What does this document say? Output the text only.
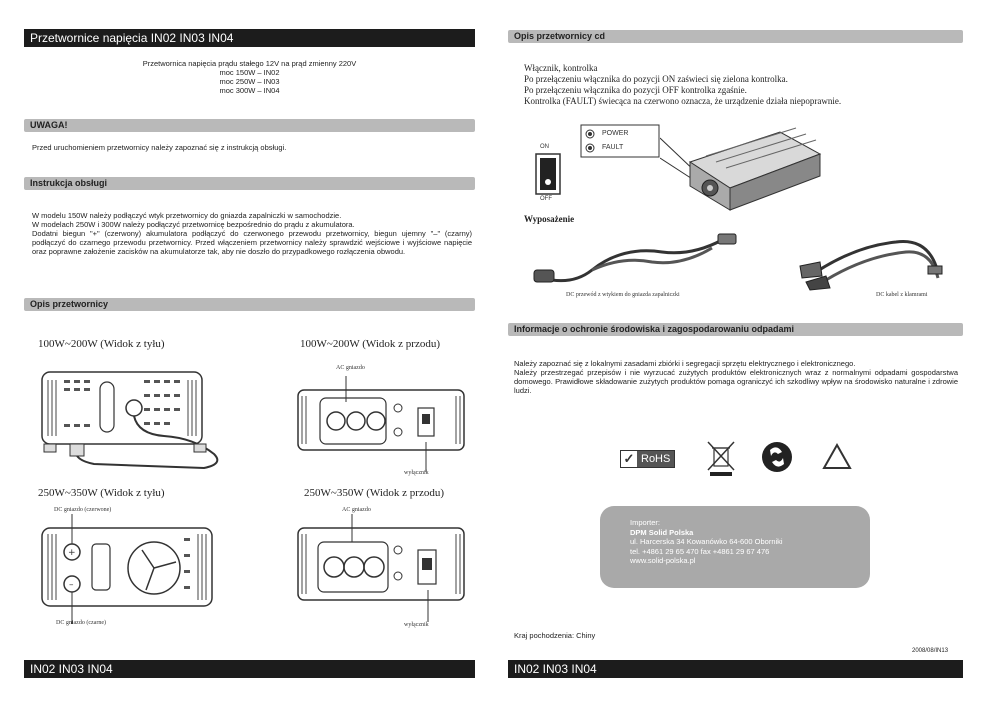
Przetwornice napięcia IN02 IN03 IN04
Przetwornica napięcia prądu stałego 12V na prąd zmienny 220V
moc 150W – IN02
moc 250W – IN03
moc 300W – IN04
UWAGA!
Przed uruchomieniem przetwornicy należy zapoznać się z instrukcją obsługi.
Instrukcja obsługi
W modelu 150W należy podłączyć wtyk przetwornicy do gniazda zapalniczki w samochodzie.
W modelach 250W i 300W należy podłączyć przetwornicę bezpośrednio do prądu z akumulatora.
Dodatni biegun "+" (czerwony) akumulatora podłączyć do czerwonego przewodu przetwornicy, biegun ujemny "–" (czarny) podłączyć do czarnego przewodu przetwornicy. Przed włączeniem przetwornicy należy sprawdzić wejściowe i wyjściowe napięcie oraz poprawne założenie zacisków na akumulatorze tak, aby nie doszło do przypadkowego rozłączenia obwodu.
Opis przetwornicy
100W~200W (Widok z tyłu)	100W~200W (Widok z przodu)
AC gniazdo
wyłącznik
250W~350W (Widok z tyłu)	250W~350W (Widok z przodu)
DC gniazdo (czerwone)
+
–
DC gniazdo (czarne)
AC gniazdo
wyłącznik
IN02 IN03 IN04
Opis przetwornicy cd
Włącznik, kontrolka
Po przełączeniu włącznika do pozycji ON zaświeci się zielona kontrolka.
Po przełączeniu włącznika do pozycji OFF kontrolka zgaśnie.
Kontrolka (FAULT) świecąca na czerwono oznacza, że urządzenie działa niepoprawnie.
ON
OFF
POWER
FAULT
Wyposażenie
DC przewód z wtykiem do gniazda zapalniczki	DC kabel z klamrami
Informacje o ochronie środowiska i zagospodarowaniu odpadami
Należy zapoznać się z lokalnymi zasadami zbiórki i segregacji sprzętu elektrycznego i elektronicznego.
Należy przestrzegać przepisów i nie wyrzucać zużytych produktów elektronicznych wraz z normalnymi odpadami gospodarstwa domowego. Prawidłowe składowanie zużytych produktów pomaga ograniczyć ich szkodliwy wpływ na środowisko naturalne i zdrowie ludzi.
✓ RoHS
Importer:
DPM Solid Polska
ul. Harcerska 34 Kowanówko 64-600 Oborniki
tel. +4861 29 65 470 fax +4861 29 67 476
www.solid-polska.pl
Kraj pochodzenia: Chiny
2008/08/IN13
IN02 IN03 IN04
